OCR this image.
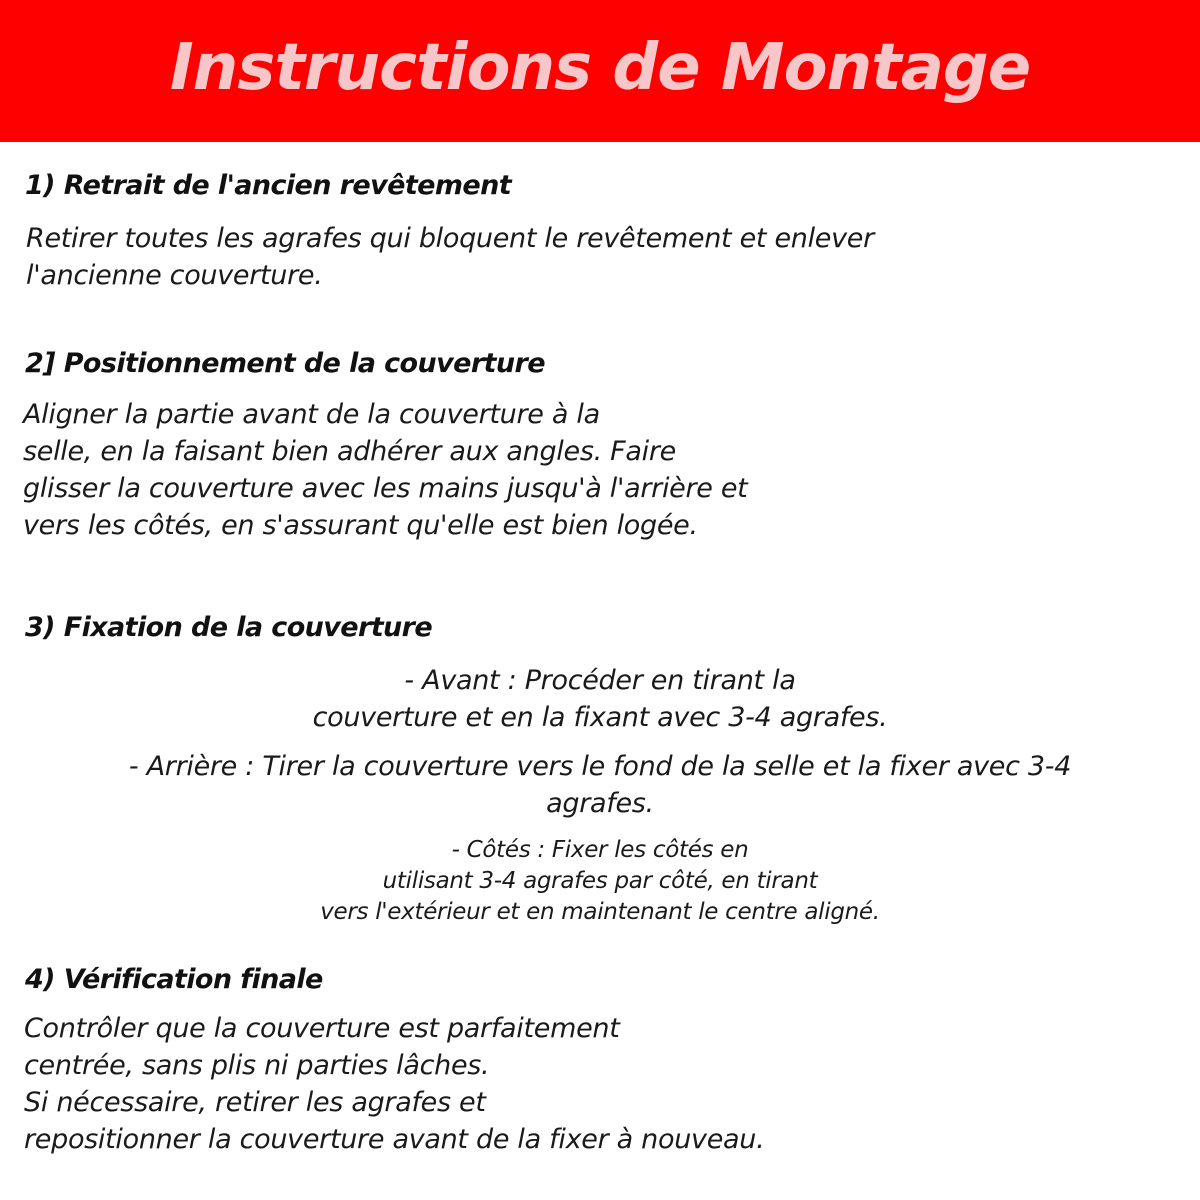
Instructions de Montage
1) Retrait de l'ancien revêtement

Retirer toutes les agrafes qui bloquent le revêtement et enlever
l'ancienne couverture.

2] Positionnement de la couverture

Aligner la partie avant de la couverture à la
selle, en la faisant bien adhérer aux angles. Faire
glisser la couverture avec les mains jusqu'à l'arrière et
vers les côtés, en s'assurant qu'elle est bien logée.

3) Fixation de la couverture

- Avant : Procéder en tirant la
couverture et en la fixant avec 3-4 agrafes.

- Arrière : Tirer la couverture vers le fond de la selle et la fixer avec 3-4
agrafes.

- Côtés : Fixer les côtés en
utilisant 3-4 agrafes par côté, en tirant
vers l'extérieur et en maintenant le centre aligné.

4) Vérification finale

Contrôler que la couverture est parfaitement
centrée, sans plis ni parties lâches.
Si nécessaire, retirer les agrafes et
repositionner la couverture avant de la fixer à nouveau.
